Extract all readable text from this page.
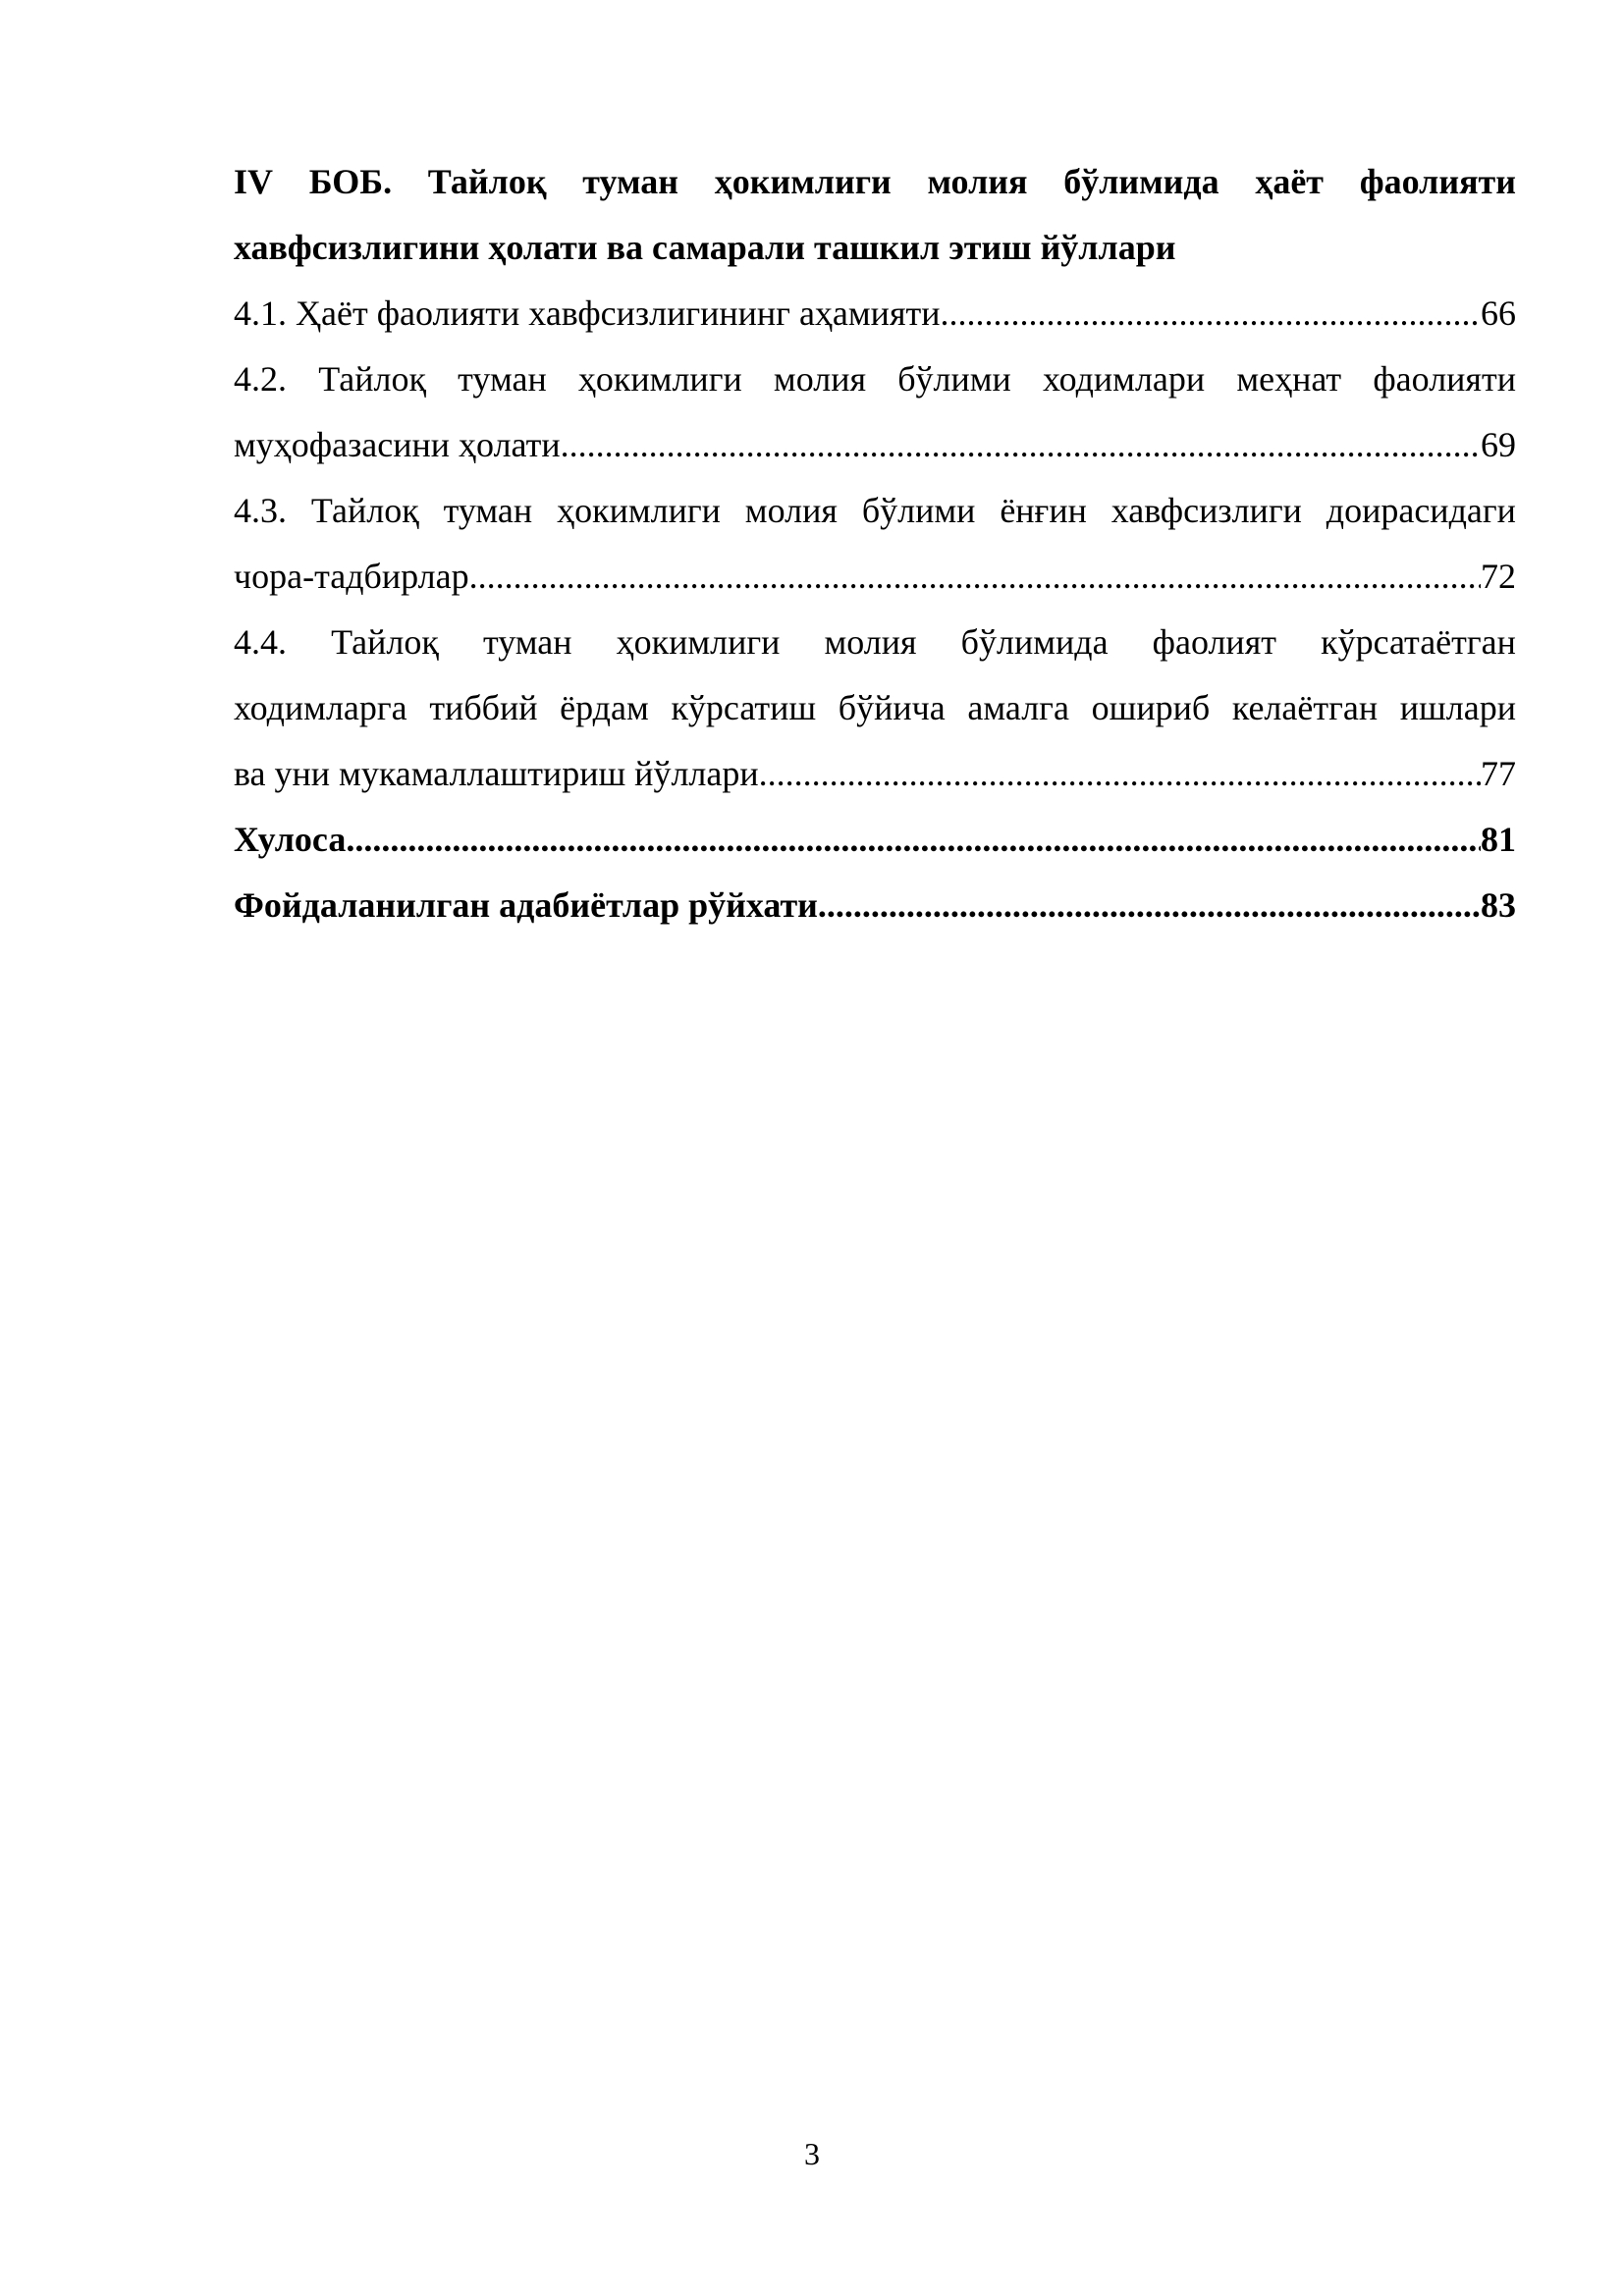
IV БОБ. Тайлоқ туман ҳокимлиги молия бўлимида ҳаёт фаолияти
хавфсизлигини ҳолати ва самарали ташкил этиш йўллари
4.1. Ҳаёт фаолияти хавфсизлигининг аҳамияти .....	66
4.2. Тайлоқ туман ҳокимлиги молия бўлими ходимлари меҳнат фаолияти
муҳофазасини ҳолати .....	69
4.3. Тайлоқ туман ҳокимлиги молия бўлими ёнғин хавфсизлиги доирасидаги
чора-тадбирлар .....	72
4.4. Тайлоқ туман ҳокимлиги молия бўлимида фаолият кўрсатаётган
ходимларга тиббий ёрдам кўрсатиш бўйича амалга ошириб келаётган ишлари
ва уни мукамаллаштириш йўллари .....	77
Хулоса .....	81
Фойдаланилган адабиётлар рўйхати .....	83
3
